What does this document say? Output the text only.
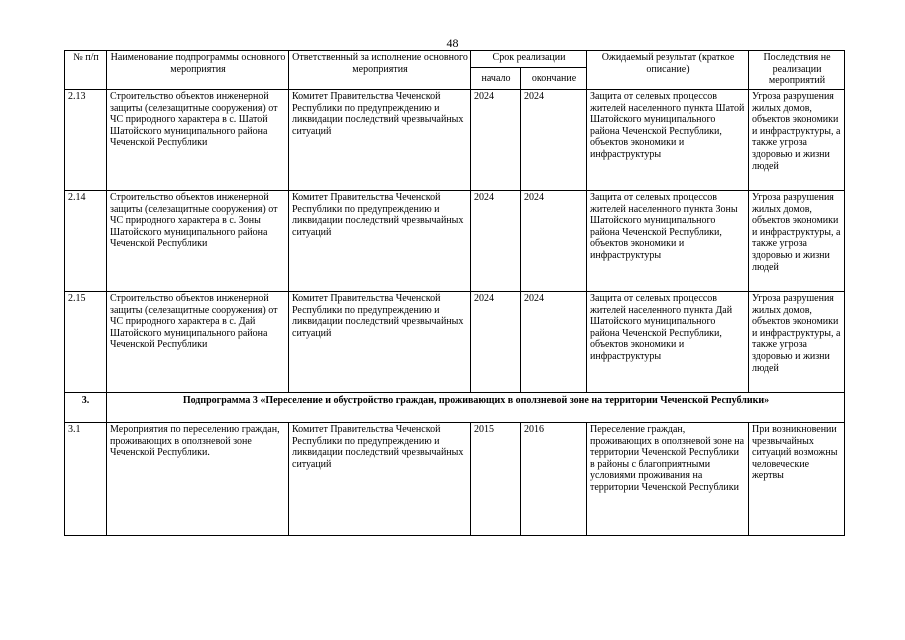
48
№ п/п	Наименование подпрограммы основного мероприятия	Ответственный за исполнение основного мероприятия	Срок реализации		Ожидаемый результат (краткое описание)	Последствия не реализации мероприятий
			начало	окончание		
2.13	Строительство объектов инженерной защиты (селезащитные сооружения) от ЧС природного характера в с. Шатой Шатойского муниципального района Чеченской Республики	Комитет Правительства Чеченской Республики по предупреждению и ликвидации последствий чрезвычайных ситуаций	2024	2024	Защита от селевых процессов жителей населенного пункта Шатой Шатойского муниципального района Чеченской Республики, объектов экономики и инфраструктуры	Угроза разрушения жилых домов, объектов экономики и инфраструктуры, а также угроза здоровью и жизни людей
2.14	Строительство объектов инженерной защиты (селезащитные сооружения) от ЧС природного характера в с. Зоны Шатойского муниципального района Чеченской Республики	Комитет Правительства Чеченской Республики по предупреждению и ликвидации последствий чрезвычайных ситуаций	2024	2024	Защита от селевых процессов жителей населенного пункта Зоны Шатойского муниципального района Чеченской Республики, объектов экономики и инфраструктуры	Угроза разрушения жилых домов, объектов экономики и инфраструктуры, а также угроза здоровью и жизни людей
2.15	Строительство объектов инженерной защиты (селезащитные сооружения) от ЧС природного характера в с. Дай Шатойского муниципального района Чеченской Республики	Комитет Правительства Чеченской Республики по предупреждению и ликвидации последствий чрезвычайных ситуаций	2024	2024	Защита от селевых процессов жителей населенного пункта Дай Шатойского муниципального района Чеченской Республики, объектов экономики и инфраструктуры	Угроза разрушения жилых домов, объектов экономики и инфраструктуры, а также угроза здоровью и жизни людей
3.	Подпрограмма 3 «Переселение и обустройство граждан, проживающих в оползневой зоне на территории Чеченской Республики»					
3.1	Мероприятия по переселению граждан, проживающих в оползневой зоне Чеченской Республики.	Комитет Правительства Чеченской Республики по предупреждению и ликвидации последствий чрезвычайных ситуаций	2015	2016	Переселение граждан, проживающих в оползневой зоне на территории Чеченской Республики в районы с благоприятными условиями проживания на территории Чеченской Республики	При возникновении чрезвычайных ситуаций возможны человеческие жертвы
